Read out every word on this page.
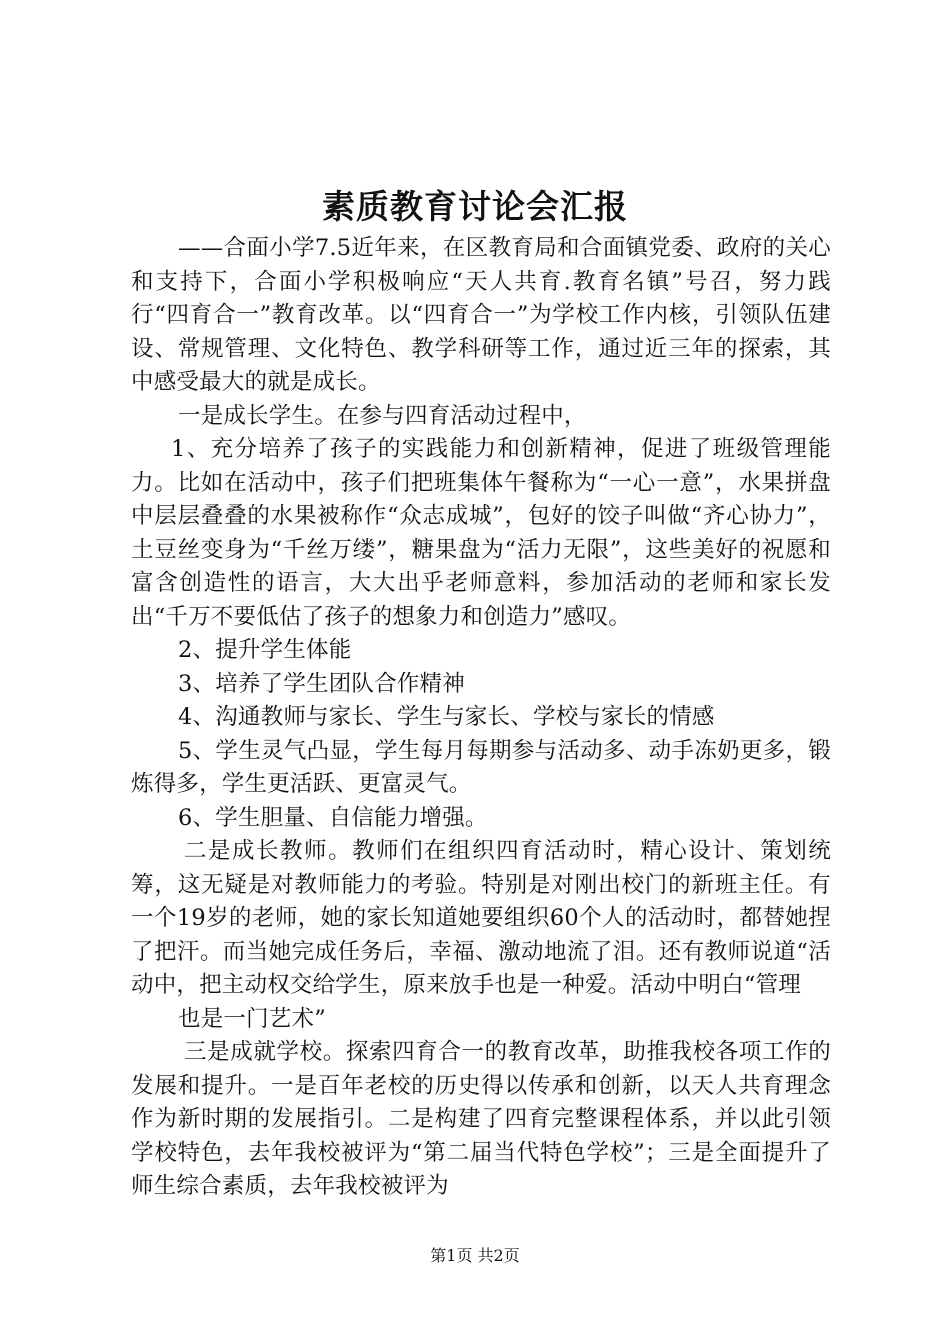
素质教育讨论会汇报

——合面小学7.5近年来，在区教育局和合面镇党委、政府的关心和支持下，合面小学积极响应“天人共育.教育名镇”号召，努力践行“四育合一”教育改革。以“四育合一”为学校工作内核，引领队伍建设、常规管理、文化特色、教学科研等工作，通过近三年的探索，其中感受最大的就是成长。

一是成长学生。在参与四育活动过程中，

1、充分培养了孩子的实践能力和创新精神，促进了班级管理能力。比如在活动中，孩子们把班集体午餐称为“一心一意”，水果拼盘中层层叠叠的水果被称作“众志成城”，包好的饺子叫做“齐心协力”，土豆丝变身为“千丝万缕”，糖果盘为“活力无限”，这些美好的祝愿和富含创造性的语言，大大出乎老师意料，参加活动的老师和家长发出“千万不要低估了孩子的想象力和创造力”感叹。

2、提升学生体能

3、培养了学生团队合作精神

4、沟通教师与家长、学生与家长、学校与家长的情感

5、学生灵气凸显，学生每月每期参与活动多、动手冻奶更多，锻炼得多，学生更活跃、更富灵气。

6、学生胆量、自信能力增强。

二是成长教师。教师们在组织四育活动时，精心设计、策划统筹，这无疑是对教师能力的考验。特别是对刚出校门的新班主任。有一个19岁的老师，她的家长知道她要组织60个人的活动时，都替她捏了把汗。而当她完成任务后，幸福、激动地流了泪。还有教师说道“活动中，把主动权交给学生，原来放手也是一种爱。活动中明白“管理

也是一门艺术”

三是成就学校。探索四育合一的教育改革，助推我校各项工作的发展和提升。一是百年老校的历史得以传承和创新，以天人共育理念作为新时期的发展指引。二是构建了四育完整课程体系，并以此引领学校特色，去年我校被评为“第二届当代特色学校”；三是全面提升了师生综合素质，去年我校被评为

第1页 共2页
